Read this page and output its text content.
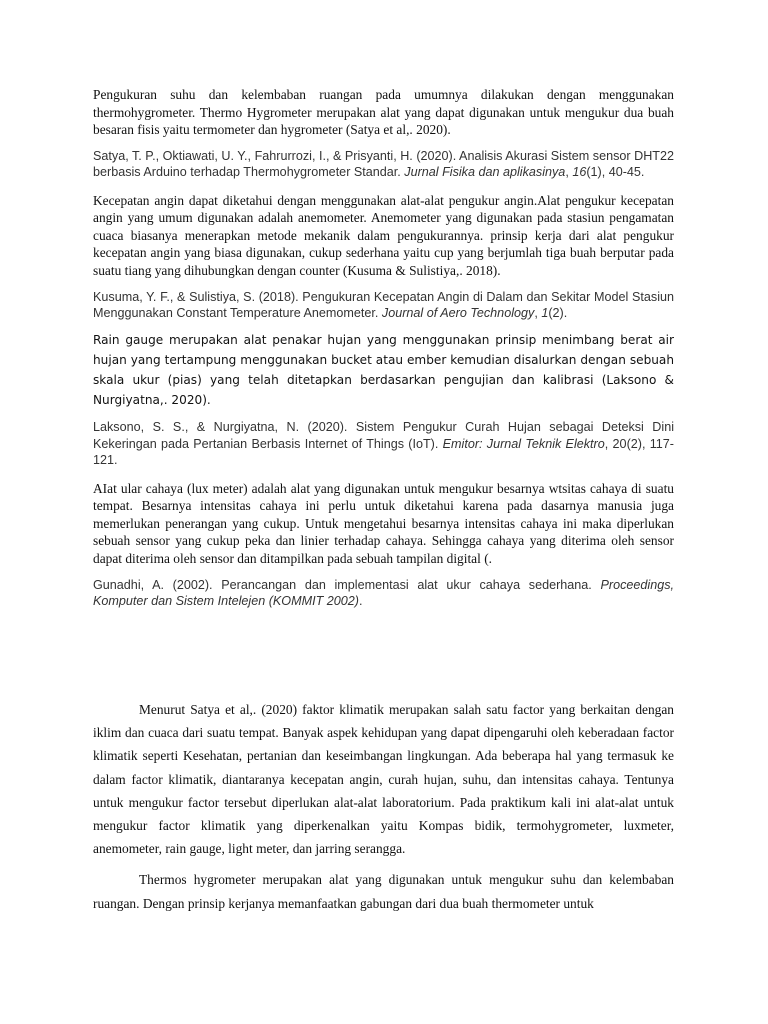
Pengukuran suhu dan kelembaban ruangan pada umumnya dilakukan dengan menggunakan thermohygrometer. Thermo Hygrometer merupakan alat yang dapat digunakan untuk mengukur dua buah besaran fisis yaitu termometer dan hygrometer (Satya et al,. 2020).

Satya, T. P., Oktiawati, U. Y., Fahrurrozi, I., & Prisyanti, H. (2020). Analisis Akurasi Sistem sensor DHT22 berbasis Arduino terhadap Thermohygrometer Standar. Jurnal Fisika dan aplikasinya, 16(1), 40-45.

Kecepatan angin dapat diketahui dengan menggunakan alat-alat pengukur angin.Alat pengukur kecepatan angin yang umum digunakan adalah anemometer. Anemometer yang digunakan pada stasiun pengamatan cuaca biasanya menerapkan metode mekanik dalam pengukurannya. prinsip kerja dari alat pengukur kecepatan angin yang biasa digunakan, cukup sederhana yaitu cup yang berjumlah tiga buah berputar pada suatu tiang yang dihubungkan dengan counter (Kusuma & Sulistiya,. 2018).

Kusuma, Y. F., & Sulistiya, S. (2018). Pengukuran Kecepatan Angin di Dalam dan Sekitar Model Stasiun Menggunakan Constant Temperature Anemometer. Journal of Aero Technology, 1(2).

Rain gauge merupakan alat penakar hujan yang menggunakan prinsip menimbang berat air hujan yang tertampung menggunakan bucket atau ember kemudian disalurkan dengan sebuah skala ukur (pias) yang telah ditetapkan berdasarkan pengujian dan kalibrasi (Laksono & Nurgiyatna,. 2020).

Laksono, S. S., & Nurgiyatna, N. (2020). Sistem Pengukur Curah Hujan sebagai Deteksi Dini Kekeringan pada Pertanian Berbasis Internet of Things (IoT). Emitor: Jurnal Teknik Elektro, 20(2), 117-121.

AIat ular cahaya (lux meter) adalah alat yang digunakan untuk mengukur besarnya wtsitas cahaya di suatu tempat. Besarnya intensitas cahaya ini perlu untuk diketahui karena pada dasarnya manusia juga memerlukan penerangan yang cukup. Untuk mengetahui besarnya intensitas cahaya ini maka diperlukan sebuah sensor yang cukup peka dan linier terhadap cahaya. Sehingga cahaya yang diterima oleh sensor dapat diterima oleh sensor dan ditampilkan pada sebuah tampilan digital (.

Gunadhi, A. (2002). Perancangan dan implementasi alat ukur cahaya sederhana. Proceedings, Komputer dan Sistem Intelejen (KOMMIT 2002).

Menurut Satya et al,. (2020) faktor klimatik merupakan salah satu factor yang berkaitan dengan iklim dan cuaca dari suatu tempat. Banyak aspek kehidupan yang dapat dipengaruhi oleh keberadaan factor klimatik seperti Kesehatan, pertanian dan keseimbangan lingkungan. Ada beberapa hal yang termasuk ke dalam factor klimatik, diantaranya kecepatan angin, curah hujan, suhu, dan intensitas cahaya. Tentunya untuk mengukur factor tersebut diperlukan alat-alat laboratorium. Pada praktikum kali ini alat-alat untuk mengukur factor klimatik yang diperkenalkan yaitu Kompas bidik, termohygrometer, luxmeter, anemometer, rain gauge, light meter, dan jarring serangga.

Thermos hygrometer merupakan alat yang digunakan untuk mengukur suhu dan kelembaban ruangan. Dengan prinsip kerjanya memanfaatkan gabungan dari dua buah thermometer untuk
